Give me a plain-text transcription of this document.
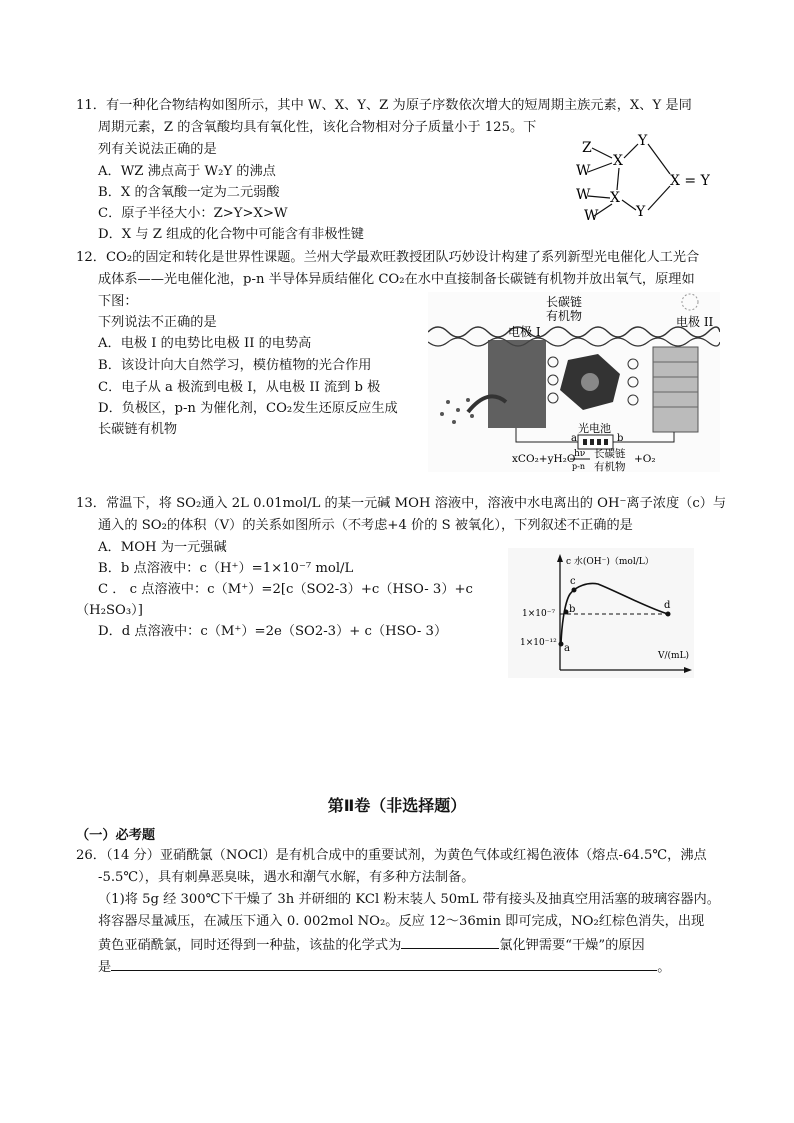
11．有一种化合物结构如图所示，其中 W、X、Y、Z 为原子序数依次增大的短周期主族元素，X、Y 是同
周期元素，Z 的含氧酸均具有氧化性，该化合物相对分子质量小于 125。下
列有关说法正确的是
A．WZ 沸点高于 W₂Y 的沸点
B．X 的含氧酸一定为二元弱酸
C．原子半径大小：Z>Y>X>W
D．X 与 Z 组成的化合物中可能含有非极性键
Z
W
W
W
X
X
Y
Y
X = Y
12．CO₂的固定和转化是世界性课题。兰州大学最欢旺教授团队巧妙设计构建了系列新型光电催化人工光合
成体系——光电催化池，p-n 半导体异质结催化 CO₂在水中直接制备长碳链有机物并放出氧气，原理如
下图：
下列说法不正确的是
A．电极 I 的电势比电极 II 的电势高
B．该设计向大自然学习，模仿植物的光合作用
C．电子从 a 极流到电极 I，从电极 II 流到 b 极
D．负极区，p-n 为催化剂，CO₂发生还原反应生成
长碳链有机物
电极 I
电极 II
长碳链
有机物
光电池
a	b
xCO₂+yH₂O
hν
p-n
长碳链
有机物
+O₂
13．常温下，将 SO₂通入 2L 0.01mol/L 的某一元碱 MOH 溶液中，溶液中水电离出的 OH⁻离子浓度（c）与
通入的 SO₂的体积（V）的关系如图所示（不考虑+4 价的 S 被氧化），下列叙述不正确的是
A．MOH 为一元强碱
B．b 点溶液中：c（H⁺）=1×10⁻⁷ mol/L
C ． c 点溶液中：c（M⁺）=2[c（SO2-3）+c（HSO- 3）+c
（H₂SO₃）]
D．d 点溶液中：c（M⁺）=2e（SO2-3）+ c（HSO- 3）
c 水(OH⁻)（mol/L）
V/(mL)
1×10⁻⁷
1×10⁻¹² a
b
c
d
第Ⅱ卷（非选择题）
（一）必考题
26．（14 分）亚硝酰氯（NOCl）是有机合成中的重要试剂，为黄色气体或红褐色液体（熔点-64.5℃，沸点
-5.5℃），具有刺鼻恶臭味，遇水和潮气水解，有多种方法制备。
（1)将 5g 经 300℃下干燥了 3h 并研细的 KCl 粉末装人 50mL 带有接头及抽真空用活塞的玻璃容器内。
将容器尽量减压，在减压下通入 0. 002mol NO₂。反应 12～36min 即可完成，NO₂红棕色消失，出现
黄色亚硝酰氯，同时还得到一种盐，该盐的化学式为	氯化钾需要“干燥”的原因
是	。
